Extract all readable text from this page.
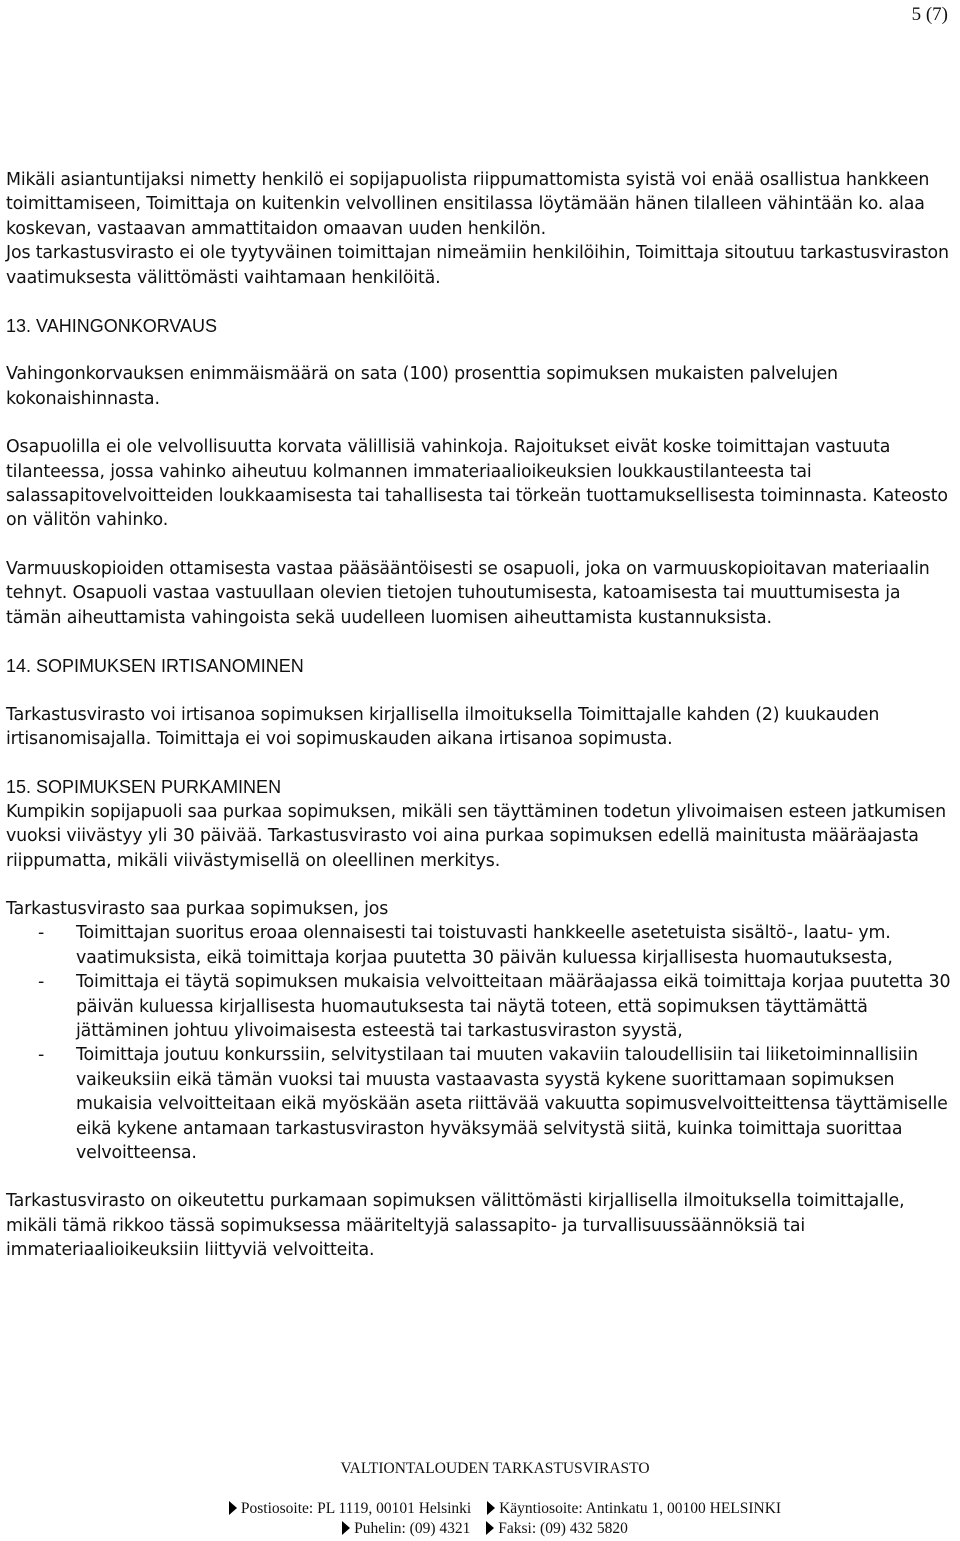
5 (7)

Mikäli asiantuntijaksi nimetty henkilö ei sopijapuolista riippumattomista syistä voi enää osallistua hankkeen toimittamiseen, Toimittaja on kuitenkin velvollinen ensitilassa löytämään hänen tilalleen vähintään ko. alaa koskevan, vastaavan ammattitaidon omaavan uuden henkilön.

Jos tarkastusvirasto ei ole tyytyväinen toimittajan nimeämiin henkilöihin, Toimittaja sitoutuu tarkastusviraston vaatimuksesta välittömästi vaihtamaan henkilöitä.

13. VAHINGONKORVAUS

Vahingonkorvauksen enimmäismäärä on sata (100) prosenttia sopimuksen mukaisten palvelujen kokonaishinnasta.

Osapuolilla ei ole velvollisuutta korvata välillisiä vahinkoja. Rajoitukset eivät koske toimittajan vastuuta tilanteessa, jossa vahinko aiheutuu kolmannen immateriaalioikeuksien loukkaustilanteesta tai salassapitovelvoitteiden loukkaamisesta tai tahallisesta tai törkeän tuottamuksellisesta toiminnasta. Kateosto on välitön vahinko.

Varmuuskopioiden ottamisesta vastaa pääsääntöisesti se osapuoli, joka on varmuuskopioitavan materiaalin tehnyt. Osapuoli vastaa vastuullaan olevien tietojen tuhoutumisesta, katoamisesta tai muuttumisesta ja tämän aiheuttamista vahingoista sekä uudelleen luomisen aiheuttamista kustannuksista.

14. SOPIMUKSEN IRTISANOMINEN

Tarkastusvirasto voi irtisanoa sopimuksen kirjallisella ilmoituksella Toimittajalle kahden (2) kuukauden irtisanomisajalla. Toimittaja ei voi sopimuskauden aikana irtisanoa sopimusta.

15. SOPIMUKSEN PURKAMINEN

Kumpikin sopijapuoli saa purkaa sopimuksen, mikäli sen täyttäminen todetun ylivoimaisen esteen jatkumisen vuoksi viivästyy yli 30 päivää. Tarkastusvirasto voi aina purkaa sopimuksen edellä mainitusta määräajasta riippumatta, mikäli viivästymisellä on oleellinen merkitys.

Tarkastusvirasto saa purkaa sopimuksen, jos

- Toimittajan suoritus eroaa olennaisesti tai toistuvasti hankkeelle asetetuista sisältö-, laatu- ym. vaatimuksista, eikä toimittaja korjaa puutetta 30 päivän kuluessa kirjallisesta huomautuksesta,
- Toimittaja ei täytä sopimuksen mukaisia velvoitteitaan määräajassa eikä toimittaja korjaa puutetta 30 päivän kuluessa kirjallisesta huomautuksesta tai näytä toteen, että sopimuksen täyttämättä jättäminen johtuu ylivoimaisesta esteestä tai tarkastusviraston syystä,
- Toimittaja joutuu konkurssiin, selvitystilaan tai muuten vakaviin taloudellisiin tai liiketoiminnallisiin vaikeuksiin eikä tämän vuoksi tai muusta vastaavasta syystä kykene suorittamaan sopimuksen mukaisia velvoitteitaan eikä myöskään aseta riittävää vakuutta sopimusvelvoitteittensa täyttämiselle eikä kykene antamaan tarkastusviraston hyväksymää selvitystä siitä, kuinka toimittaja suorittaa velvoitteensa.

Tarkastusvirasto on oikeutettu purkamaan sopimuksen välittömästi kirjallisella ilmoituksella toimittajalle, mikäli tämä rikkoo tässä sopimuksessa määriteltyjä salassapito- ja turvallisuussäännöksiä tai immateriaalioikeuksiin liittyviä velvoitteita.

VALTIONTALOUDEN TARKASTUSVIRASTO
Postiosoite: PL 1119, 00101 Helsinki Käyntiosoite: Antinkatu 1, 00100 HELSINKI
Puhelin: (09) 4321 Faksi: (09) 432 5820
